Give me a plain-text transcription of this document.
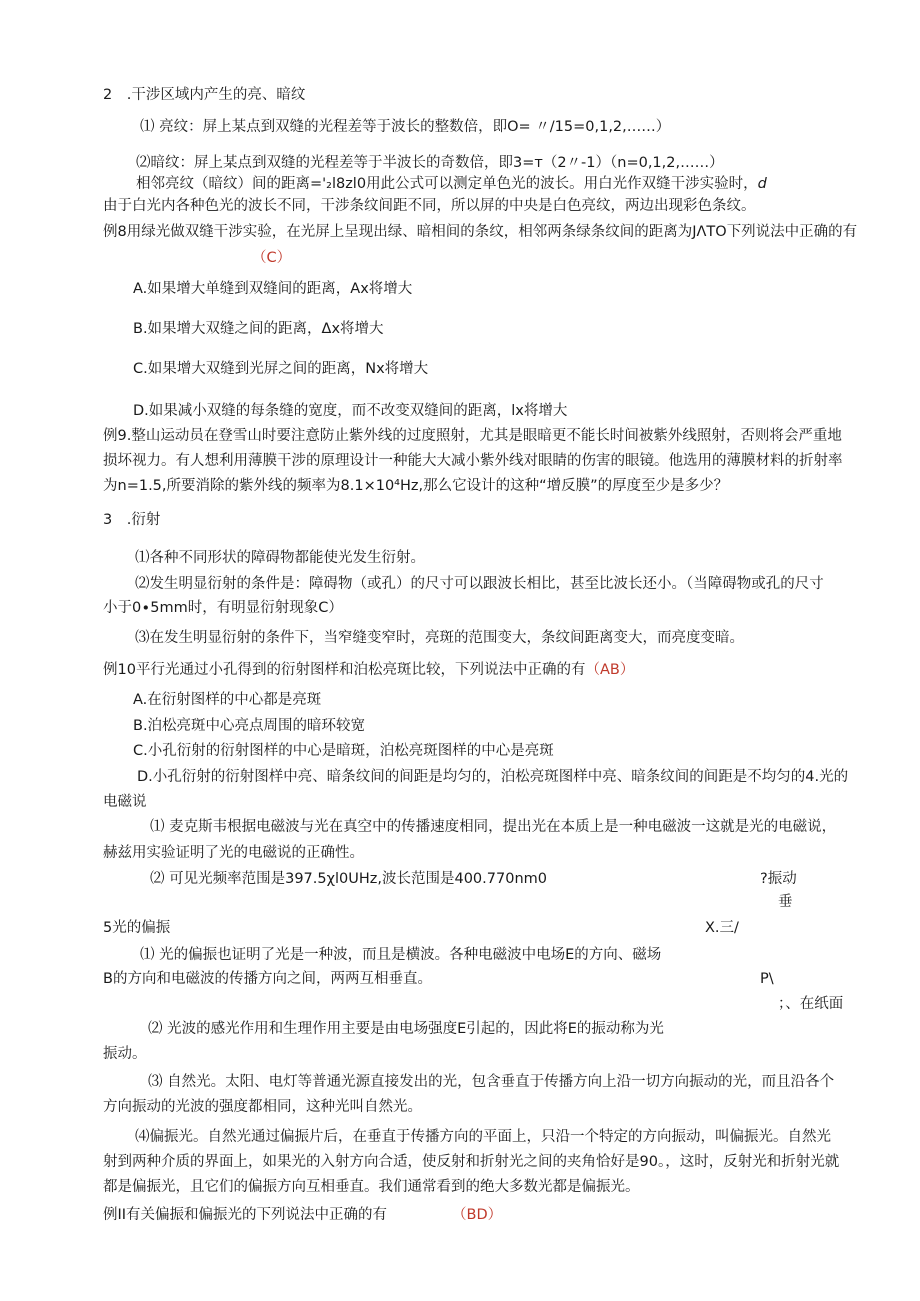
2　.干涉区域内产生的亮、暗纹
⑴ 亮纹：屏上某点到双缝的光程差等于波长的整数倍，即O= 〃/15=0,1,2,……）
⑵暗纹：屏上某点到双缝的光程差等于半波长的奇数倍，即3=т（2〃-1）（n=0,1,2,……）
相邻亮纹（暗纹）间的距离='₂l8zl0用此公式可以测定单色光的波长。用白光作双缝干涉实验时，d
由于白光内各种色光的波长不同，干涉条纹间距不同，所以屏的中央是白色亮纹，两边出现彩色条纹。
例8用绿光做双缝干涉实验，在光屏上呈现出绿、暗相间的条纹，相邻两条绿条纹间的距离为JΛTO下列说法中正确的有
（C）
A.如果增大单缝到双缝间的距离，Ax将增大
B.如果增大双缝之间的距离，Δx将增大
C.如果增大双缝到光屏之间的距离，Nx将增大
D.如果减小双缝的每条缝的宽度，而不改变双缝间的距离，lx将增大
例9.整山运动员在登雪山时要注意防止紫外线的过度照射，尤其是眼暗更不能长时间被紫外线照射，否则将会严重地
损坏视力。有人想利用薄膜干涉的原理设计一种能大大减小紫外线对眼睛的伤害的眼镜。他选用的薄膜材料的折射率
为n=1.5,所要消除的紫外线的频率为8.1×10⁴Hz,那么它设计的这种“增反膜”的厚度至少是多少？
3　.衍射
⑴各种不同形状的障碍物都能使光发生衍射。
⑵发生明显衍射的条件是：障碍物（或孔）的尺寸可以跟波长相比，甚至比波长还小。（当障碍物或孔的尺寸
小于0∙5mm时，有明显衍射现象C）
⑶在发生明显衍射的条件下，当窄缝变窄时，亮斑的范围变大，条纹间距离变大，而亮度变暗。
例10平行光通过小孔得到的衍射图样和泊松亮斑比较，下列说法中正确的有（AB）
A.在衍射图样的中心都是亮斑
B.泊松亮斑中心亮点周围的暗环较宽
C.小孔衍射的衍射图样的中心是暗斑，泊松亮斑图样的中心是亮斑
D.小孔衍射的衍射图样中亮、暗条纹间的间距是均匀的，泊松亮斑图样中亮、暗条纹间的间距是不均匀的4.光的
电磁说
⑴ 麦克斯韦根据电磁波与光在真空中的传播速度相同，提出光在本质上是一种电磁波一这就是光的电磁说，
赫兹用实验证明了光的电磁说的正确性。
⑵ 可见光频率范围是397.5χl0UHz,波长范围是400.770nm0	?振动
垂
5光的偏振	X.三/
⑴ 光的偏振也证明了光是一种波，而且是横波。各种电磁波中电场E的方向、磁场
B的方向和电磁波的传播方向之间，两两互相垂直。	P\
；、在纸面
⑵ 光波的感光作用和生理作用主要是由电场强度E引起的，因此将E的振动称为光
振动。
⑶ 自然光。太阳、电灯等普通光源直接发出的光，包含垂直于传播方向上沿一切方向振动的光，而且沿各个
方向振动的光波的强度都相同，这种光叫自然光。
⑷偏振光。自然光通过偏振片后，在垂直于传播方向的平面上，只沿一个特定的方向振动，叫偏振光。自然光
射到两种介质的界面上，如果光的入射方向合适，使反射和折射光之间的夹角恰好是90。，这时，反射光和折射光就
都是偏振光，且它们的偏振方向互相垂直。我们通常看到的绝大多数光都是偏振光。
例II有关偏振和偏振光的下列说法中正确的有	（BD）
